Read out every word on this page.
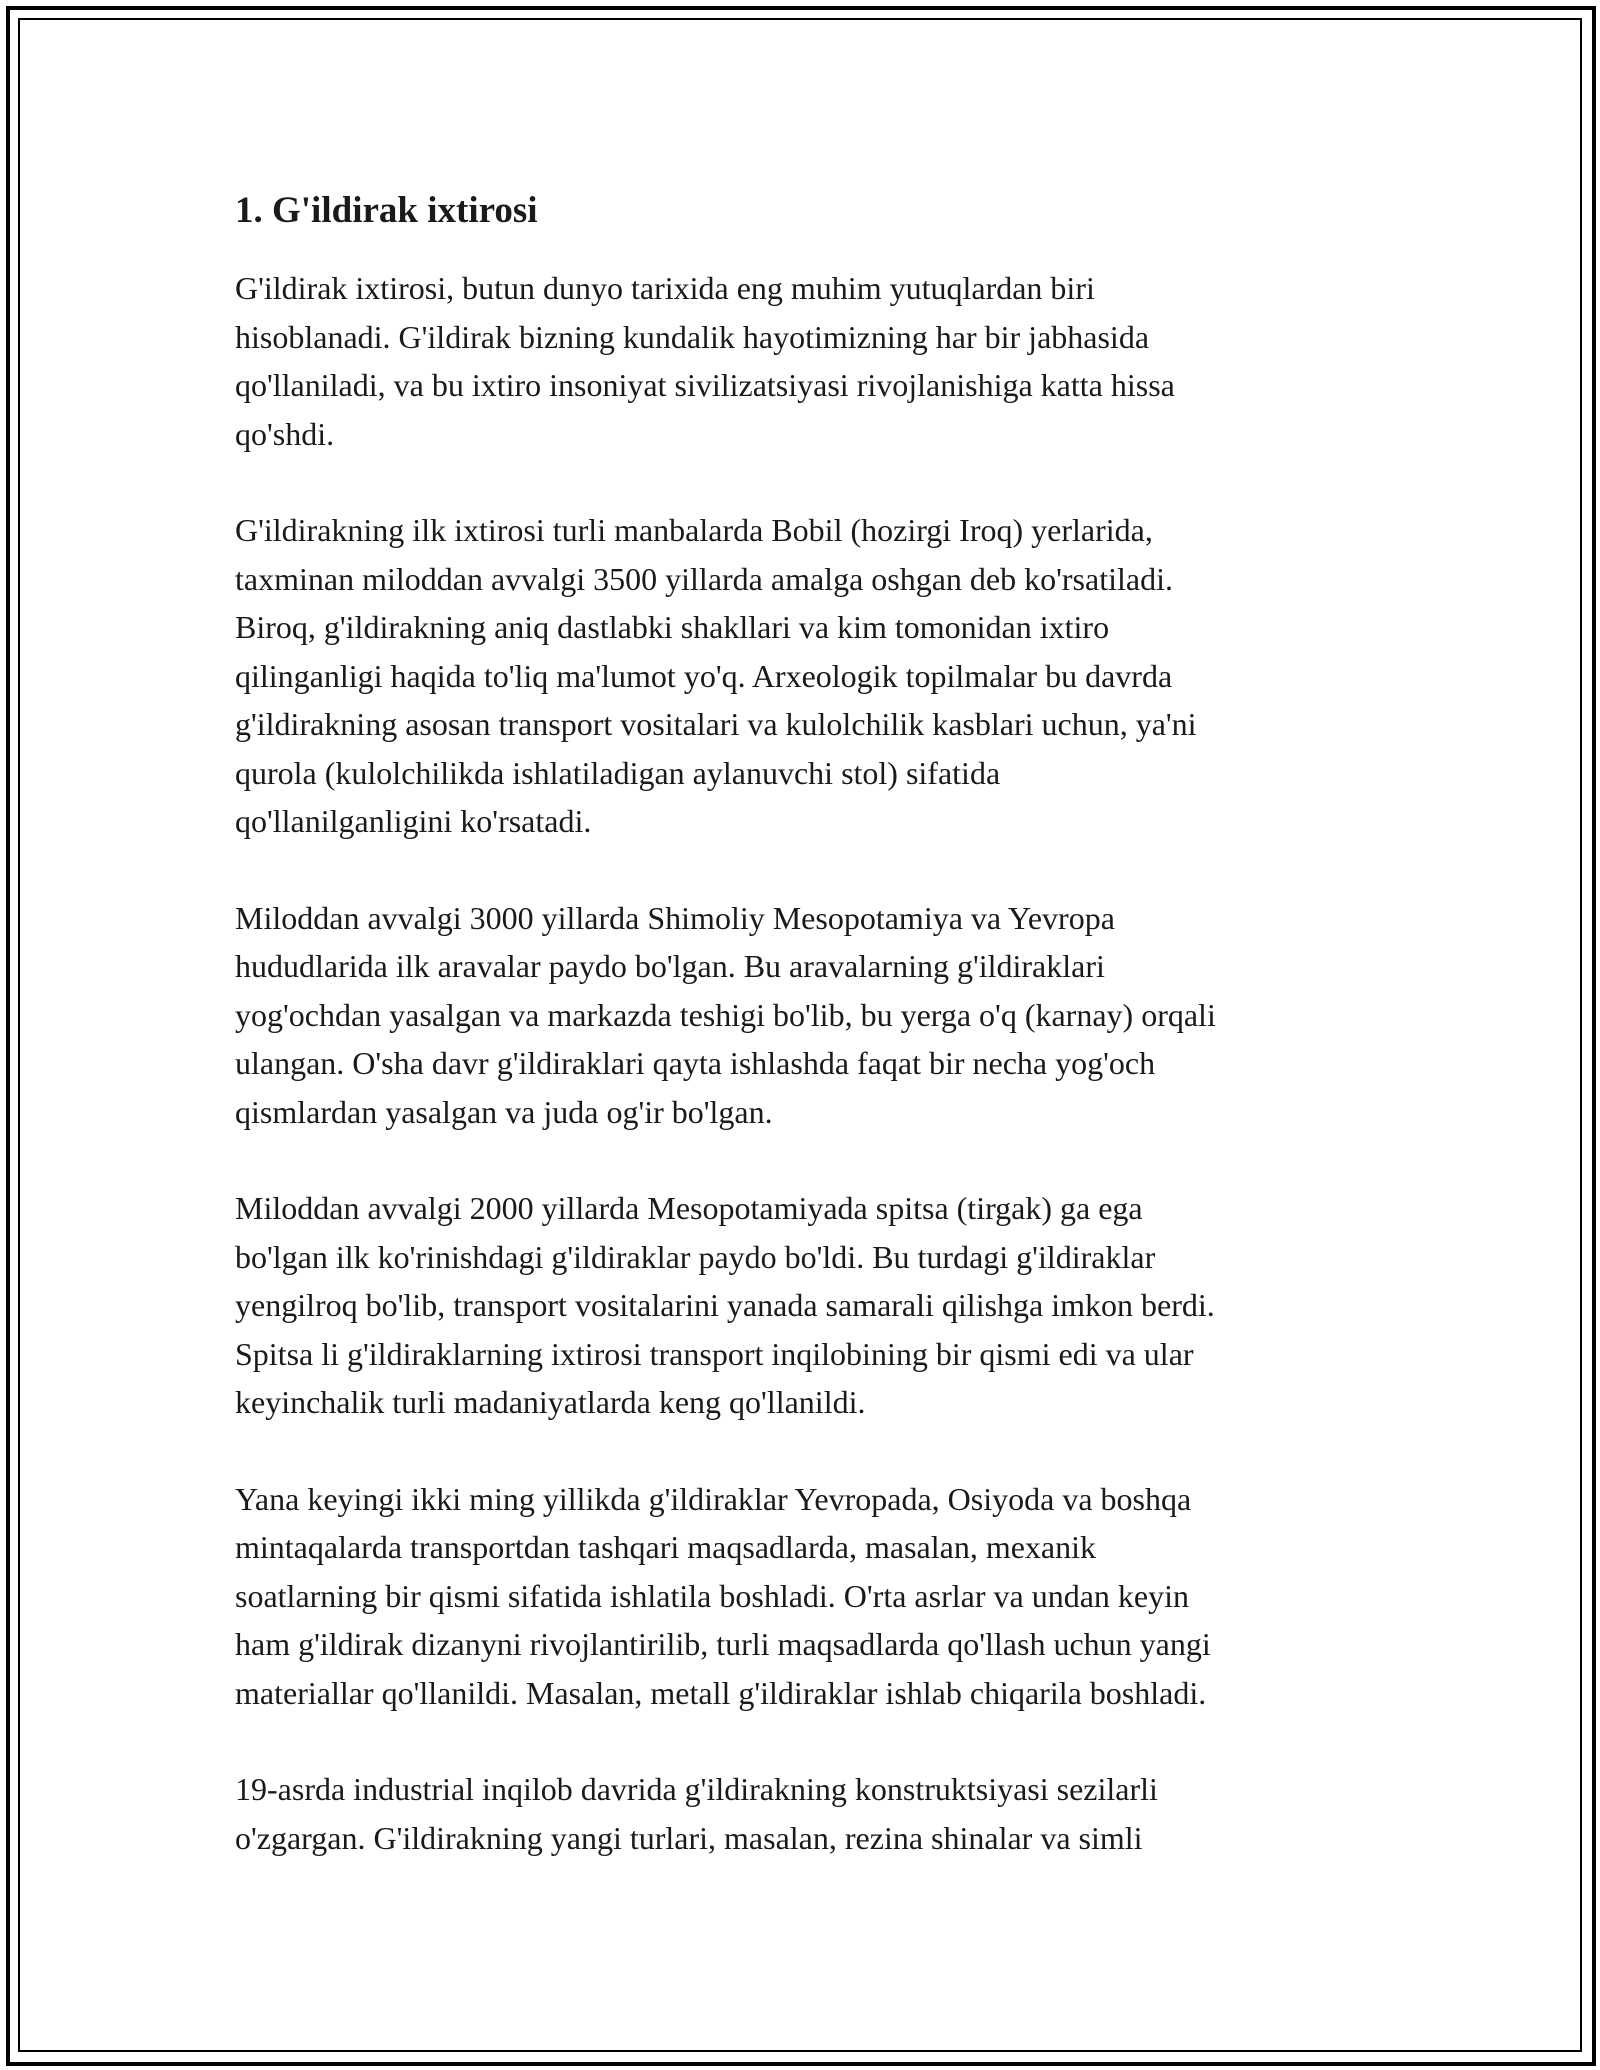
1. G'ildirak ixtirosi

G'ildirak ixtirosi, butun dunyo tarixida eng muhim yutuqlardan biri
hisoblanadi. G'ildirak bizning kundalik hayotimizning har bir jabhasida
qo'llaniladi, va bu ixtiro insoniyat sivilizatsiyasi rivojlanishiga katta hissa
qo'shdi.

G'ildirakning ilk ixtirosi turli manbalarda Bobil (hozirgi Iroq) yerlarida,
taxminan miloddan avvalgi 3500 yillarda amalga oshgan deb ko'rsatiladi.
Biroq, g'ildirakning aniq dastlabki shakllari va kim tomonidan ixtiro
qilinganligi haqida to'liq ma'lumot yo'q. Arxeologik topilmalar bu davrda
g'ildirakning asosan transport vositalari va kulolchilik kasblari uchun, ya'ni
qurola (kulolchilikda ishlatiladigan aylanuvchi stol) sifatida
qo'llanilganligini ko'rsatadi.

Miloddan avvalgi 3000 yillarda Shimoliy Mesopotamiya va Yevropa
hududlarida ilk aravalar paydo bo'lgan. Bu aravalarning g'ildiraklari
yog'ochdan yasalgan va markazda teshigi bo'lib, bu yerga o'q (karnay) orqali
ulangan. O'sha davr g'ildiraklari qayta ishlashda faqat bir necha yog'och
qismlardan yasalgan va juda og'ir bo'lgan.

Miloddan avvalgi 2000 yillarda Mesopotamiyada spitsa (tirgak) ga ega
bo'lgan ilk ko'rinishdagi g'ildiraklar paydo bo'ldi. Bu turdagi g'ildiraklar
yengilroq bo'lib, transport vositalarini yanada samarali qilishga imkon berdi.
Spitsa li g'ildiraklarning ixtirosi transport inqilobining bir qismi edi va ular
keyinchalik turli madaniyatlarda keng qo'llanildi.

Yana keyingi ikki ming yillikda g'ildiraklar Yevropada, Osiyoda va boshqa
mintaqalarda transportdan tashqari maqsadlarda, masalan, mexanik
soatlarning bir qismi sifatida ishlatila boshladi. O'rta asrlar va undan keyin
ham g'ildirak dizanyni rivojlantirilib, turli maqsadlarda qo'llash uchun yangi
materiallar qo'llanildi. Masalan, metall g'ildiraklar ishlab chiqarila boshladi.

19-asrda industrial inqilob davrida g'ildirakning konstruktsiyasi sezilarli
o'zgargan. G'ildirakning yangi turlari, masalan, rezina shinalar va simli
